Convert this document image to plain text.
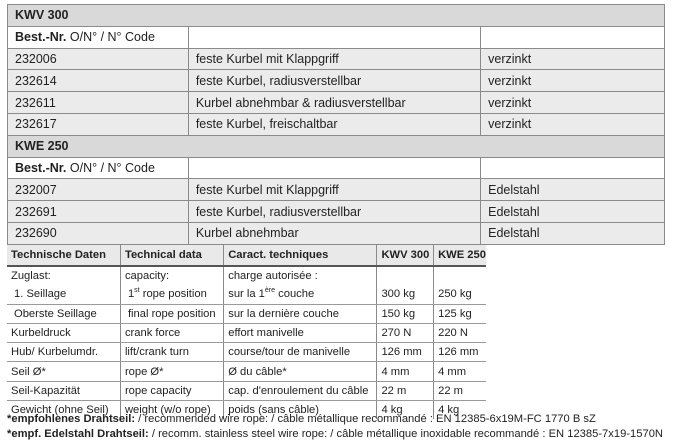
KWV 300		
Best.-Nr. O/N° / N° Code		
232006	feste Kurbel mit Klappgriff	verzinkt
232614	feste Kurbel, radiusverstellbar	verzinkt
232611	Kurbel abnehmbar & radiusverstellbar	verzinkt
232617	feste Kurbel, freischaltbar	verzinkt
KWE 250		
Best.-Nr. O/N° / N° Code		
232007	feste Kurbel mit Klappgriff	Edelstahl
232691	feste Kurbel, radiusverstellbar	Edelstahl
232690	Kurbel abnehmbar	Edelstahl
Technische Daten	Technical data	Caract. techniques	KWV 300	KWE 250
Zuglast:	capacity:	charge autorisée :		
1. Seillage	1st rope position	sur la 1ère couche	300 kg	250 kg
Oberste Seillage	final rope position	sur la dernière couche	150 kg	125 kg
Kurbeldruck	crank force	effort manivelle	270 N	220 N
Hub/ Kurbelumdr.	lift/crank turn	course/tour de manivelle	126 mm	126 mm
Seil Ø*	rope Ø*	Ø du câble*	4 mm	4 mm
Seil-Kapazität	rope capacity	cap. d'enroulement du câble	22 m	22 m
Gewicht (ohne Seil)	weight (w/o rope)	poids (sans câble)	4 kg	4 kg
*empfohlenes Drahtseil: / recommended wire rope: / câble métallique recommandé : EN 12385-6x19M-FC 1770 B sZ
*empf. Edelstahl Drahtseil: / recomm. stainless steel wire rope: / câble métallique inoxidable recommandé : EN 12385-7x19-1570N
